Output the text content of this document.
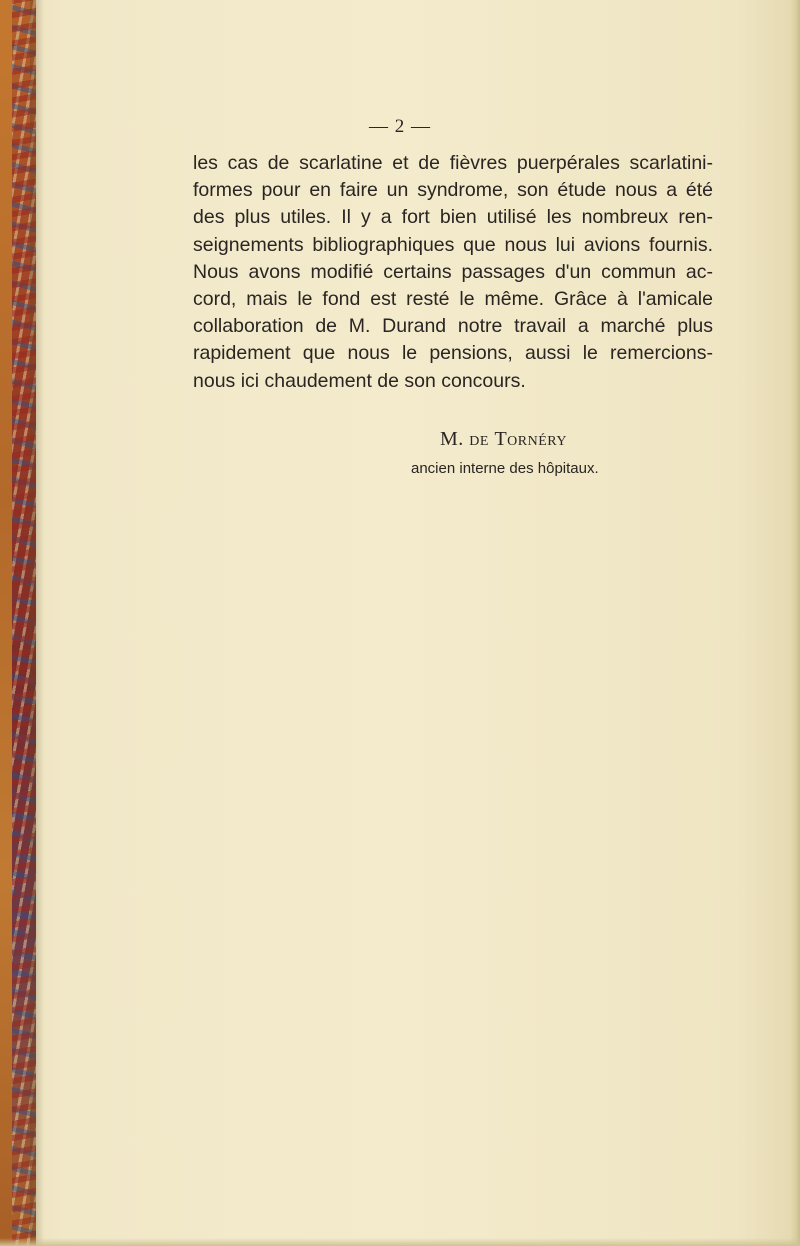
— 2 —
les cas de scarlatine et de fièvres puerpérales scarlatini-
formes pour en faire un syndrome, son étude nous a été
des plus utiles. Il y a fort bien utilisé les nombreux ren-
seignements bibliographiques que nous lui avions fournis.
Nous avons modifié certains passages d'un commun ac-
cord, mais le fond est resté le même. Grâce à l'amicale
collaboration de M. Durand notre travail a marché plus
rapidement que nous le pensions, aussi le remercions-
nous ici chaudement de son concours.
M. de Tornéry
ancien interne des hôpitaux.
